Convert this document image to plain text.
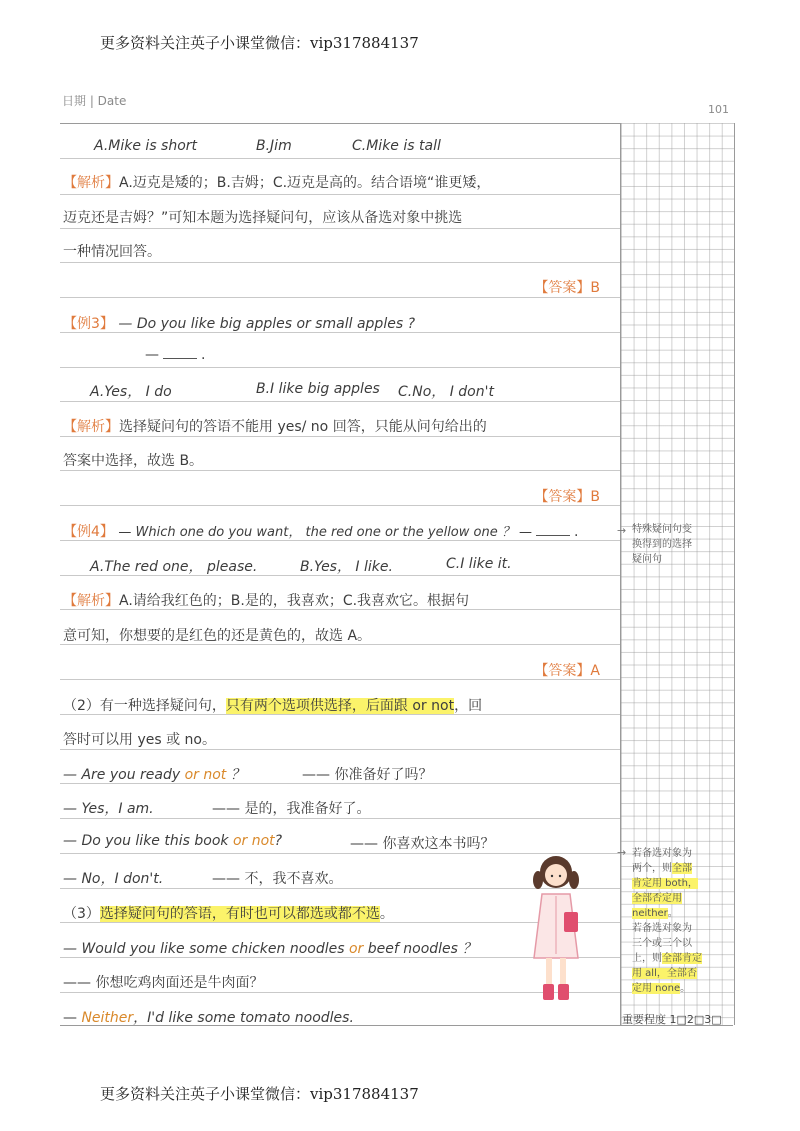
更多资料关注英子小课堂微信：vip317884137
日期 | Date
101
A.Mike is short	B.Jim	C.Mike is tall
【解析】A.迈克是矮的；B.吉姆；C.迈克是高的。结合语境“谁更矮，
迈克还是吉姆？”可知本题为选择疑问句，应该从备选对象中挑选
一种情况回答。
【答案】B
【例3】 — Do you like big apples or small apples ?
—	.
A.Yes， I do	B.I like big apples C.No， I don't
【解析】选择疑问句的答语不能用 yes/ no 回答，只能从问句给出的
答案中选择，故选 B。
【答案】B
【例4】 — Which one do you want， the red one or the yellow one ？ —	.
A.The red one， please.	B.Yes， I like.	C.I like it.
【解析】A.请给我红色的；B.是的，我喜欢；C.我喜欢它。根据句
意可知，你想要的是红色的还是黄色的，故选 A。
【答案】A
（2）有一种选择疑问句，只有两个选项供选择，后面跟 or not，回
答时可以用 yes 或 no。
— Are you ready or not ？	—— 你准备好了吗？
— Yes，I am.	—— 是的，我准备好了。
— Do you like this book or not?	—— 你喜欢这本书吗？
— No，I don't.	—— 不，我不喜欢。
（3）选择疑问句的答语，有时也可以都选或都不选。
— Would you like some chicken noodles or beef noodles ？
—— 你想吃鸡肉面还是牛肉面？
— Neither，I'd like some tomato noodles.
→ 特殊疑问句变
换得到的选择
疑问句
→ 若备选对象为
两个，则全部
肯定用 both，
全部否定用
neither。
若备选对象为
三个或三个以
上，则全部肯定
用 all，全部否
定用 none。
重要程度 1□2□3□
更多资料关注英子小课堂微信：vip317884137
